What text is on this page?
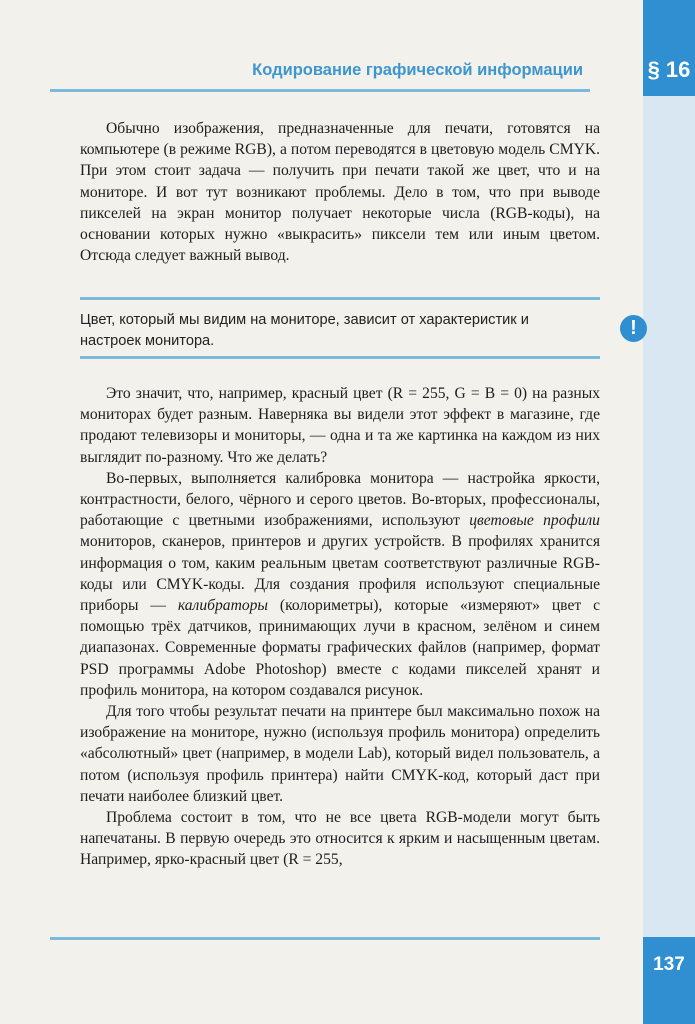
§ 16
Кодирование графической информации

Обычно изображения, предназначенные для печати, готовятся на компьютере (в режиме RGB), а потом переводятся в цветовую модель CMYK. При этом стоит задача — получить при печати такой же цвет, что и на мониторе. И вот тут возникают проблемы. Дело в том, что при выводе пикселей на экран монитор получает некоторые числа (RGB-коды), на основании которых нужно «выкрасить» пиксели тем или иным цветом. Отсюда следует важный вывод.

Цвет, который мы видим на мониторе, зависит от характеристик и настроек монитора.
!

Это значит, что, например, красный цвет (R = 255, G = B = 0) на разных мониторах будет разным. Наверняка вы видели этот эффект в магазине, где продают телевизоры и мониторы, — одна и та же картинка на каждом из них выглядит по-разному. Что же делать?

Во-первых, выполняется калибровка монитора — настройка яркости, контрастности, белого, чёрного и серого цветов. Во-вторых, профессионалы, работающие с цветными изображениями, используют цветовые профили мониторов, сканеров, принтеров и других устройств. В профилях хранится информация о том, каким реальным цветам соответствуют различные RGB-коды или CMYK-коды. Для создания профиля используют специальные приборы — калибраторы (колориметры), которые «измеряют» цвет с помощью трёх датчиков, принимающих лучи в красном, зелёном и синем диапазонах. Современные форматы графических файлов (например, формат PSD программы Adobe Photoshop) вместе с кодами пикселей хранят и профиль монитора, на котором создавался рисунок.

Для того чтобы результат печати на принтере был максимально похож на изображение на мониторе, нужно (используя профиль монитора) определить «абсолютный» цвет (например, в модели Lab), который видел пользователь, а потом (используя профиль принтера) найти CMYK-код, который даст при печати наиболее близкий цвет.

Проблема состоит в том, что не все цвета RGB-модели могут быть напечатаны. В первую очередь это относится к ярким и насыщенным цветам. Например, ярко-красный цвет (R = 255,

137
